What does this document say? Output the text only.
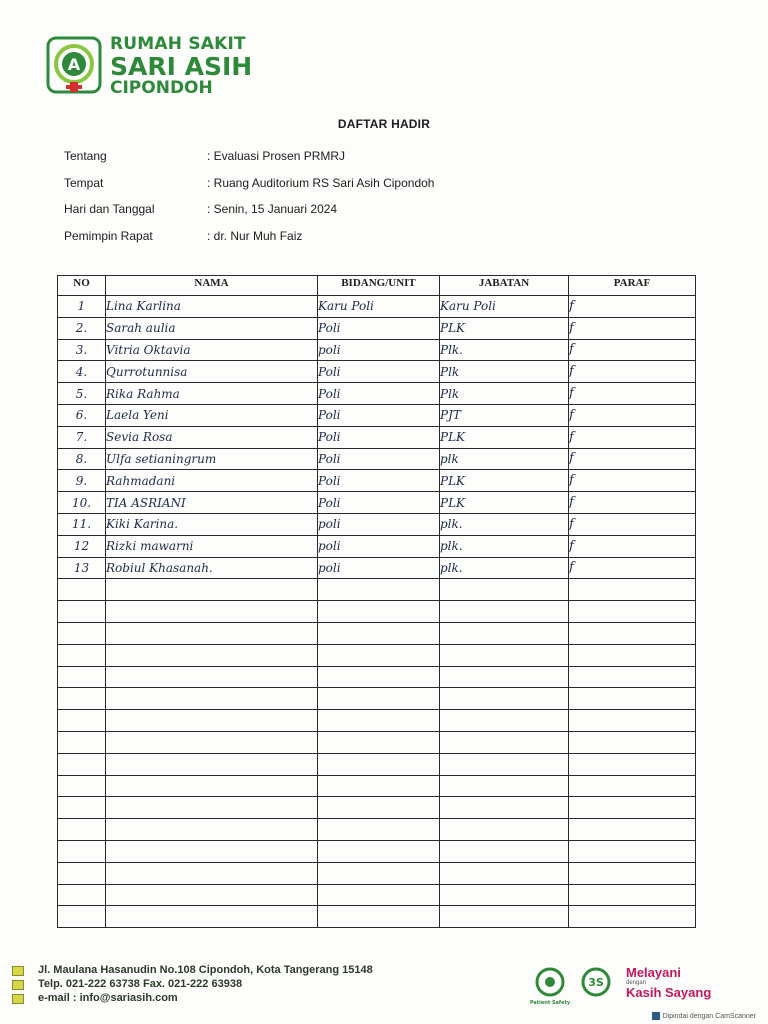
A
RUMAH SAKIT
SARI ASIH
CIPONDOH
DAFTAR HADIR
Tentang	: Evaluasi Prosen PRMRJ
Tempat	: Ruang Auditorium RS Sari Asih Cipondoh
Hari dan Tanggal	: Senin, 15 Januari 2024
Pemimpin Rapat	: dr. Nur Muh Faiz
NO	NAMA	BIDANG/UNIT	JABATAN	PARAF
1	Lina Karlina	Karu Poli	Karu Poli	ƒ
2.	Sarah aulia	Poli	PLK	ƒ
3.	Vitria Oktavia	poli	Plk.	ƒ
4.	Qurrotunnisa	Poli	Plk	ƒ
5.	Rika Rahma	Poli	Plk	ƒ
6.	Laela Yeni	Poli	PJT	ƒ
7.	Sevia Rosa	Poli	PLK	ƒ
8.	Ulfa setianingrum	Poli	plk	ƒ
9.	Rahmadani	Poli	PLK	ƒ
10.	TIA ASRIANI	Poli	PLK	ƒ
11.	Kiki Karina.	poli	plk.	ƒ
12	Rizki mawarni	poli	plk.	ƒ
13	Robiul Khasanah.	poli	plk.	ƒ

Jl. Maulana Hasanudin No.108 Cipondoh, Kota Tangerang 15148
Telp. 021-222 63738 Fax. 021-222 63938
e-mail : info@sariasih.com	Patient Safety
3S
Melayani
dengan
Kasih Sayang
Dipindai dengan CamScanner
